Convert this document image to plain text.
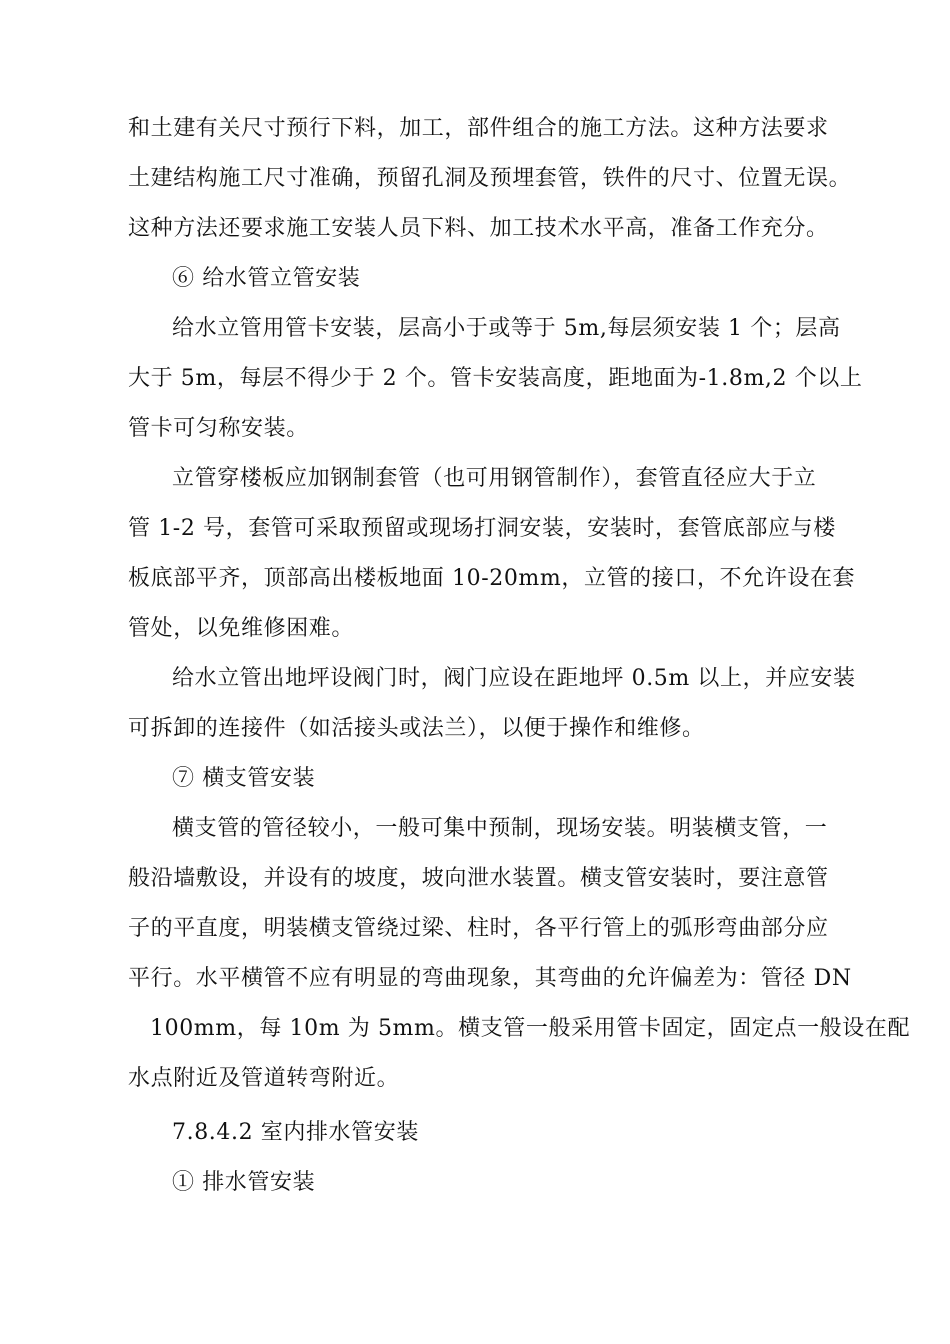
和土建有关尺寸预行下料，加工，部件组合的施工方法。这种方法要求
土建结构施工尺寸准确，预留孔洞及预埋套管，铁件的尺寸、位置无误。
这种方法还要求施工安装人员下料、加工技术水平高，准备工作充分。
⑥ 给水管立管安装
给水立管用管卡安装，层高小于或等于 5m,每层须安装 1 个；层高
大于 5m，每层不得少于 2 个。管卡安装高度，距地面为-1.8m,2 个以上
管卡可匀称安装。
立管穿楼板应加钢制套管（也可用钢管制作），套管直径应大于立
管 1-2 号，套管可采取预留或现场打洞安装，安装时，套管底部应与楼
板底部平齐，顶部高出楼板地面 10-20mm，立管的接口，不允许设在套
管处，以免维修困难。
给水立管出地坪设阀门时，阀门应设在距地坪 0.5m 以上，并应安装
可拆卸的连接件（如活接头或法兰），以便于操作和维修。
⑦ 横支管安装
横支管的管径较小，一般可集中预制，现场安装。明装横支管，一
般沿墙敷设，并设有的坡度，坡向泄水装置。横支管安装时，要注意管
子的平直度，明装横支管绕过梁、柱时，各平行管上的弧形弯曲部分应
平行。水平横管不应有明显的弯曲现象，其弯曲的允许偏差为：管径 DN
100mm，每 10m 为 5mm。横支管一般采用管卡固定，固定点一般设在配
水点附近及管道转弯附近。
7.8.4.2 室内排水管安装
① 排水管安装
